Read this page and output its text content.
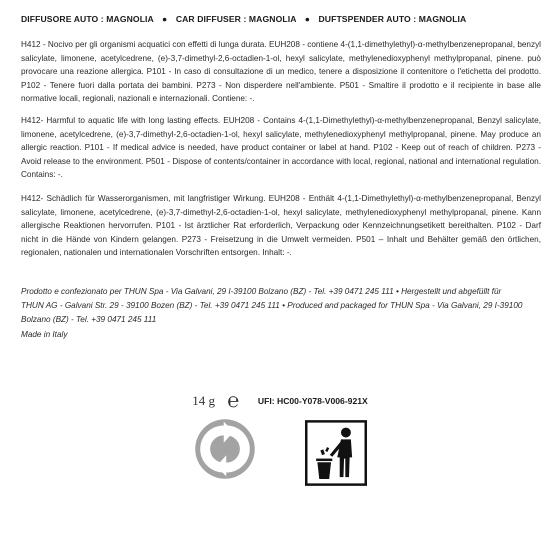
DIFFUSORE AUTO : MAGNOLIA ● CAR DIFFUSER : MAGNOLIA ● DUFTSPENDER AUTO : MAGNOLIA
H412 - Nocivo per gli organismi acquatici con effetti di lunga durata. EUH208 - contiene 4-(1,1-dimethylethyl)-α-methylbenzenepropanal, benzyl salicylate, limonene, acetylcedrene, (e)-3,7-dimethyl-2,6-octadien-1-ol, hexyl salicylate, methylenedioxyphenyl methylpropanal, pinene. può provocare una reazione allergica. P101 - In caso di consultazione di un medico, tenere a disposizione il contenitore o l'etichetta del prodotto. P102 - Tenere fuori dalla portata dei bambini. P273 - Non disperdere nell'ambiente. P501 - Smaltire il prodotto e il recipiente in base alle normative locali, regionali, nazionali e internazionali. Contiene: -.
H412- Harmful to aquatic life with long lasting effects. EUH208 - Contains 4-(1,1-Dimethylethyl)-α-methylbenzenepropanal, Benzyl salicylate, limonene, acetylcedrene, (e)-3,7-dimethyl-2,6-octadien-1-ol, hexyl salicylate, methylenedioxyphenyl methylpropanal, pinene. May produce an allergic reaction. P101 - If medical advice is needed, have product container or label at hand. P102 - Keep out of reach of children. P273 - Avoid release to the environment. P501 - Dispose of contents/container in accordance with local, regional, national and international regulation. Contains: -.
H412- Schädlich für Wasserorganismen, mit langfristiger Wirkung. EUH208 - Enthält 4-(1,1-Dimethylethyl)-α-methylbenzenepropanal, Benzyl salicylate, limonene, acetylcedrene, (e)-3,7-dimethyl-2,6-octadien-1-ol, hexyl salicylate, methylenedioxyphenyl methylpropanal, pinene. Kann allergische Reaktionen hervorrufen. P101 - Ist ärztlicher Rat erforderlich, Verpackung oder Kennzeichnungsetikett bereithalten. P102 - Darf nicht in die Hände von Kindern gelangen. P273 - Freisetzung in die Umwelt vermeiden. P501 – Inhalt und Behälter gemäß den örtlichen, regionalen, nationalen und internationalen Vorschriften entsorgen. Inhalt: -.
Prodotto e confezionato per THUN Spa - Via Galvani, 29 I-39100 Bolzano (BZ) - Tel. +39 0471 245 111 • Hergestellt und abgefüllt für
THUN AG - Galvani Str. 29 - 39100 Bozen (BZ) - Tel. +39 0471 245 111 • Produced and packaged for THUN Spa - Via Galvani, 29 I-39100
Bolzano (BZ) - Tel. +39 0471 245 111
Made in Italy
14 g ℮ UFI: HC00-Y078-V006-921X
